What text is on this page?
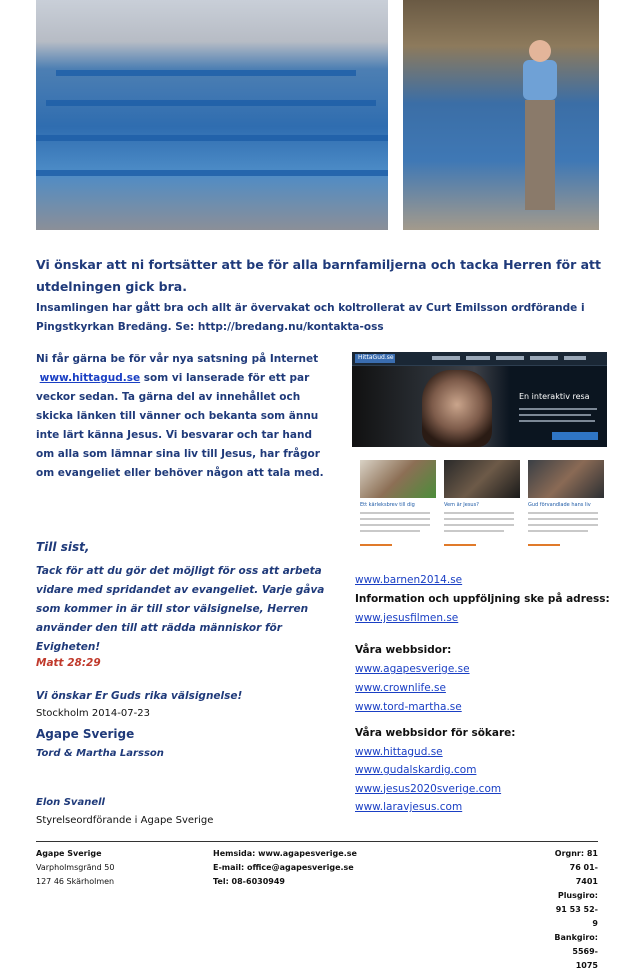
Vi önskar att ni fortsätter att be för alla barnfamiljerna och tacka Herren för att
utdelningen gick bra.
Insamlingen har gått bra och allt är övervakat och koltrollerat av Curt Emilsson ordförande i
Pingstkyrkan Bredäng. Se: http://bredang.nu/kontakta-oss
Ni får gärna be för vår nya satsning på Internet
www.hittagud.se som vi lanserade för ett par
veckor sedan. Ta gärna del av innehållet och
skicka länken till vänner och bekanta som ännu
inte lärt känna Jesus. Vi besvarar och tar hand
om alla som lämnar sina liv till Jesus, har frågor
om evangeliet eller behöver någon att tala med.
HittaGud.se
En interaktiv resa
Ett kärleksbrev till dig	Vem är Jesus?	Gud förvandlade hans liv
Till sist,
Tack för att du gör det möjligt för oss att arbeta
vidare med spridandet av evangeliet. Varje gåva
som kommer in är till stor välsignelse, Herren
använder den till att rädda människor för
Evigheten!
Matt 28:29
Vi önskar Er Guds rika välsignelse!
Stockholm 2014-07-23
Agape Sverige
Tord & Martha Larsson
Elon Svanell
Styrelseordförande i Agape Sverige
www.barnen2014.se
Information och uppföljning ske på adress:
www.jesusfilmen.se
Våra webbsidor:
www.agapesverige.se
www.crownlife.se
www.tord-martha.se
Våra webbsidor för sökare:
www.hittagud.se
www.gudalskardig.com
www.jesus2020sverige.com
www.laravjesus.com
Agape Sverige
Varpholmsgränd 50
127 46 Skärholmen
Hemsida: www.agapesverige.se
E-mail: office@agapesverige.se
Tel: 08-6030949
Orgnr: 81 76 01-7401
Plusgiro: 91 53 52-9
Bankgiro: 5569-1075
